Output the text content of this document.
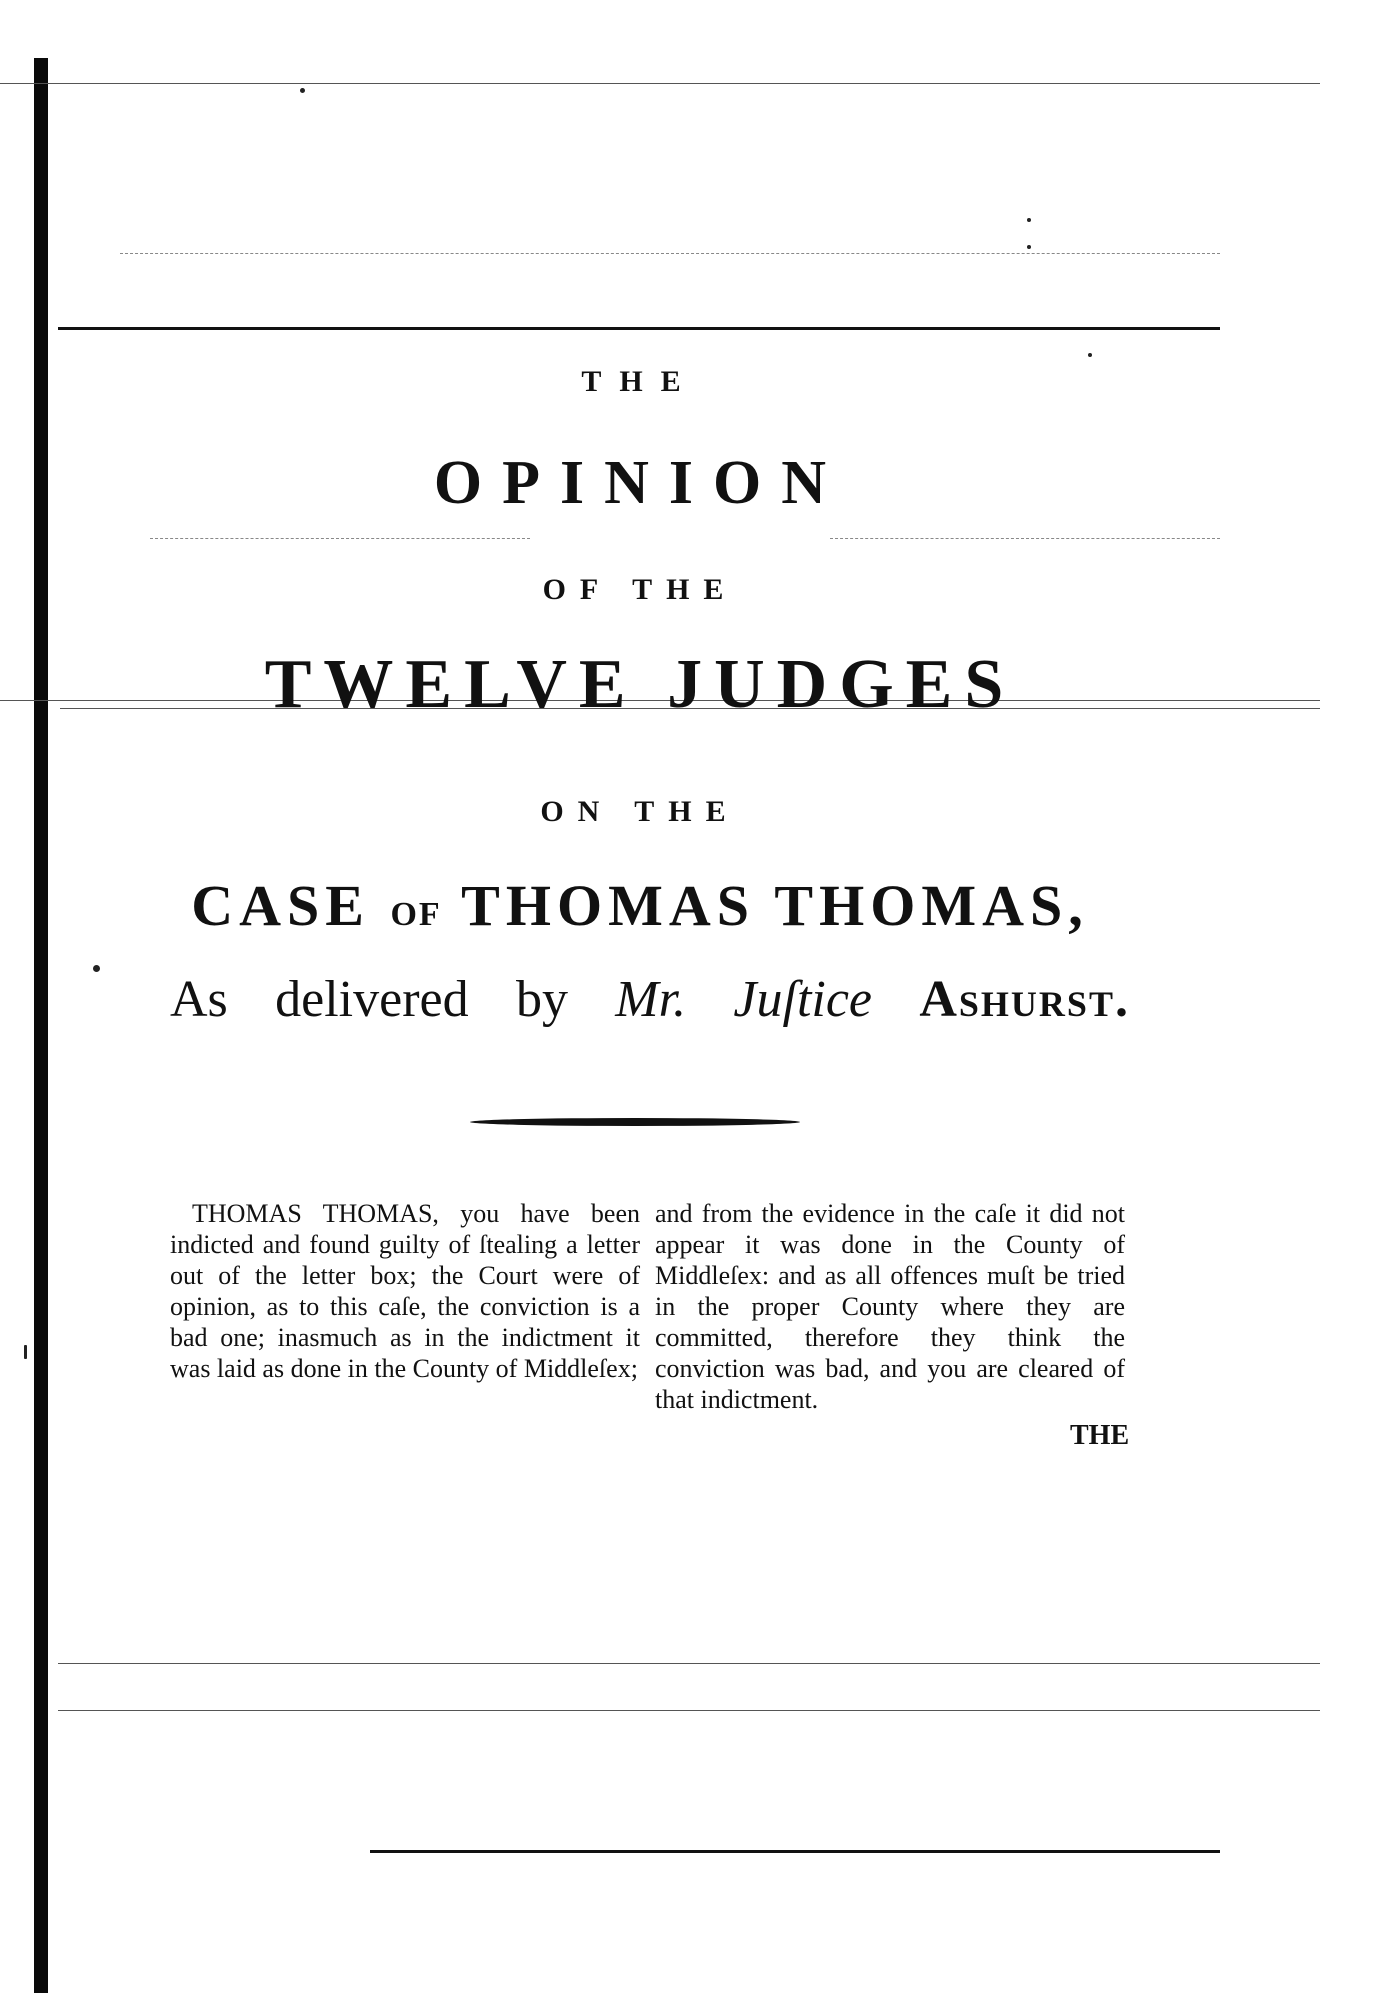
THE

OPINION

OF THE

TWELVE JUDGES

ON THE

CASE OF THOMAS THOMAS,

As delivered by Mr. Juſtice Ashurst.

THOMAS THOMAS, you have been indicted and found guilty of ſtealing a letter out of the letter box; the Court were of opinion, as to this caſe, the conviction is a bad one; inasmuch as in the indictment it was laid as done in the County of Middleſex;

and from the evidence in the caſe it did not appear it was done in the County of Middleſex: and as all offences muſt be tried in the proper County where they are committed, therefore they think the conviction was bad, and you are cleared of that indictment.

THE
